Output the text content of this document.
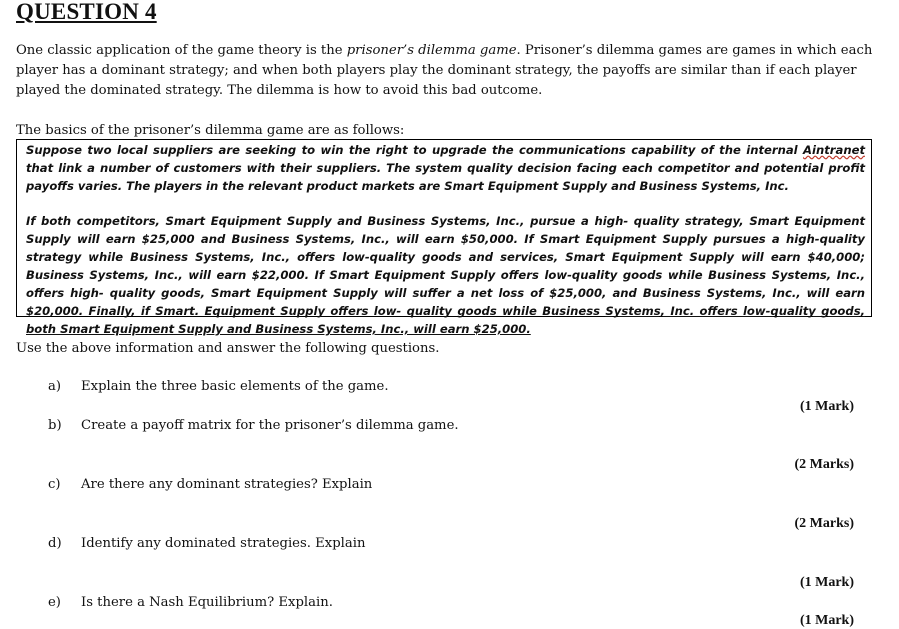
QUESTION 4
One classic application of the game theory is the prisoner’s dilemma game. Prisoner’s dilemma games are games in which each player has a dominant strategy; and when both players play the dominant strategy, the payoffs are similar than if each player played the dominated strategy. The dilemma is how to avoid this bad outcome.
The basics of the prisoner’s dilemma game are as follows:

Suppose two local suppliers are seeking to win the right to upgrade the communications capability of the internal Aintranet that link a number of customers with their suppliers. The system quality decision facing each competitor and potential profit payoffs varies. The players in the relevant product markets are Smart Equipment Supply and Business Systems, Inc.

If both competitors, Smart Equipment Supply and Business Systems, Inc., pursue a high- quality strategy, Smart Equipment Supply will earn $25,000 and Business Systems, Inc., will earn $50,000. If Smart Equipment Supply pursues a high-quality strategy while Business Systems, Inc., offers low-quality goods and services, Smart Equipment Supply will earn $40,000; Business Systems, Inc., will earn $22,000. If Smart Equipment Supply offers low-quality goods while Business Systems, Inc., offers high- quality goods, Smart Equipment Supply will suffer a net loss of $25,000, and Business Systems, Inc., will earn $20,000. Finally, if Smart. Equipment Supply offers low- quality goods while Business Systems, Inc. offers low-quality goods, both Smart Equipment Supply and Business Systems, Inc., will earn $25,000.

Use the above information and answer the following questions.
a) Explain the three basic elements of the game.
(1 Mark)
b) Create a payoff matrix for the prisoner’s dilemma game.
(2 Marks)
c) Are there any dominant strategies? Explain
(2 Marks)
d) Identify any dominated strategies. Explain
(1 Mark)
e) Is there a Nash Equilibrium? Explain.
(1 Mark)
